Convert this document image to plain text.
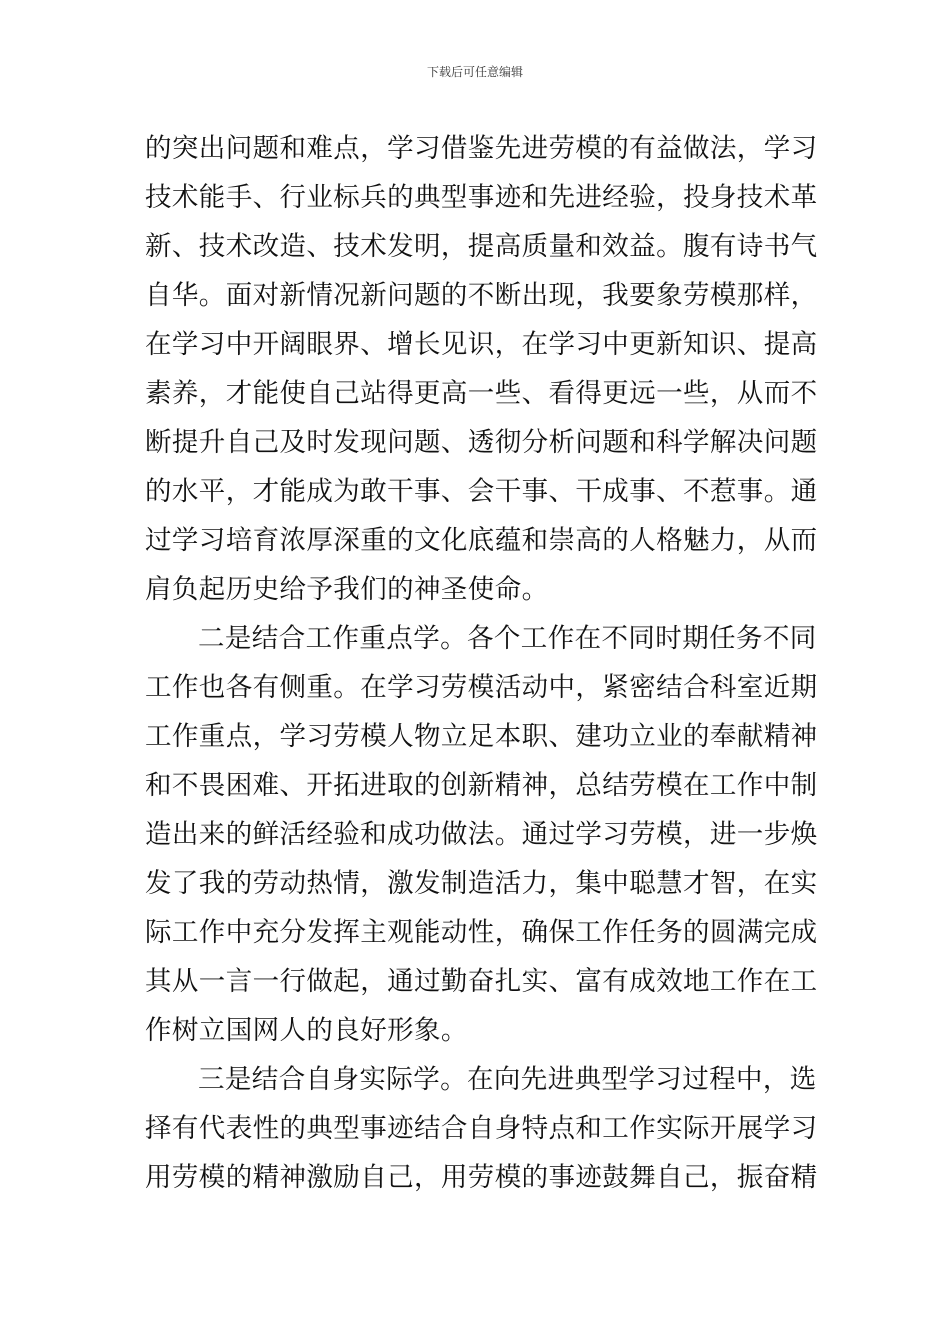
下载后可任意编辑
的突出问题和难点，学习借鉴先进劳模的有益做法，学习
技术能手、行业标兵的典型事迹和先进经验，投身技术革
新、技术改造、技术发明，提高质量和效益。腹有诗书气
自华。面对新情况新问题的不断出现，我要象劳模那样，
在学习中开阔眼界、增长见识，在学习中更新知识、提高
素养，才能使自己站得更高一些、看得更远一些，从而不
断提升自己及时发现问题、透彻分析问题和科学解决问题
的水平，才能成为敢干事、会干事、干成事、不惹事。通
过学习培育浓厚深重的文化底蕴和崇高的人格魅力，从而
肩负起历史给予我们的神圣使命。
二是结合工作重点学。各个工作在不同时期任务不同
工作也各有侧重。在学习劳模活动中，紧密结合科室近期
工作重点，学习劳模人物立足本职、建功立业的奉献精神
和不畏困难、开拓进取的创新精神，总结劳模在工作中制
造出来的鲜活经验和成功做法。通过学习劳模，进一步焕
发了我的劳动热情，激发制造活力，集中聪慧才智，在实
际工作中充分发挥主观能动性，确保工作任务的圆满完成
其从一言一行做起，通过勤奋扎实、富有成效地工作在工
作树立国网人的良好形象。
三是结合自身实际学。在向先进典型学习过程中，选
择有代表性的典型事迹结合自身特点和工作实际开展学习
用劳模的精神激励自己，用劳模的事迹鼓舞自己，振奋精
